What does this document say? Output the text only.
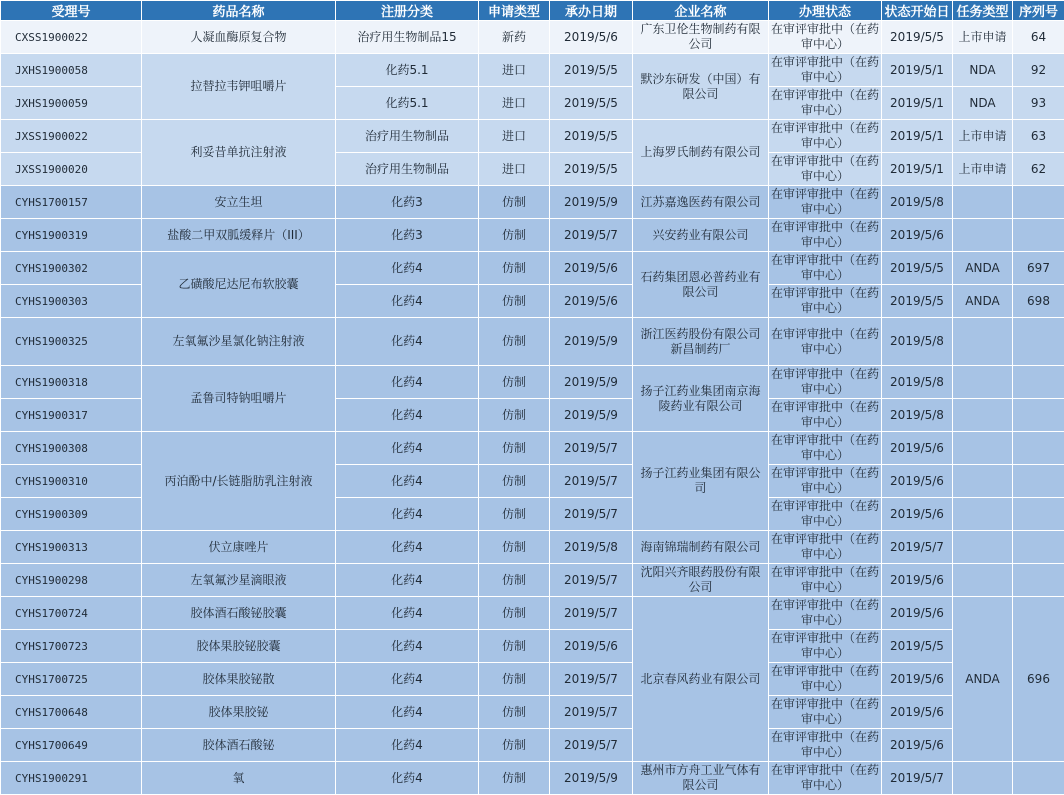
受理号	药品名称	注册分类	申请类型	承办日期	企业名称	办理状态	状态开始日	任务类型	序列号
CXSS1900022	人凝血酶原复合物	治疗用生物制品15	新药	2019/5/6	广东卫伦生物制药有限公司	在审评审批中（在药审中心）	2019/5/5	上市申请	64
JXHS1900058	拉替拉韦钾咀嚼片	化药5.1	进口	2019/5/5	默沙东研发（中国）有限公司	在审评审批中（在药审中心）	2019/5/1	NDA	92
JXHS1900059		化药5.1	进口	2019/5/5		在审评审批中（在药审中心）	2019/5/1	NDA	93
JXSS1900022	利妥昔单抗注射液	治疗用生物制品	进口	2019/5/5	上海罗氏制药有限公司	在审评审批中（在药审中心）	2019/5/1	上市申请	63
JXSS1900020		治疗用生物制品	进口	2019/5/5		在审评审批中（在药审中心）	2019/5/1	上市申请	62
CYHS1700157	安立生坦	化药3	仿制	2019/5/9	江苏嘉逸医药有限公司	在审评审批中（在药审中心）	2019/5/8		
CYHS1900319	盐酸二甲双胍缓释片（III）	化药3	仿制	2019/5/7	兴安药业有限公司	在审评审批中（在药审中心）	2019/5/6		
CYHS1900302	乙磺酸尼达尼布软胶囊	化药4	仿制	2019/5/6	石药集团恩必普药业有限公司	在审评审批中（在药审中心）	2019/5/5	ANDA	697
CYHS1900303		化药4	仿制	2019/5/6		在审评审批中（在药审中心）	2019/5/5	ANDA	698
CYHS1900325	左氧氟沙星氯化钠注射液	化药4	仿制	2019/5/9	浙江医药股份有限公司新昌制药厂	在审评审批中（在药审中心）	2019/5/8		
CYHS1900318	孟鲁司特钠咀嚼片	化药4	仿制	2019/5/9	扬子江药业集团南京海陵药业有限公司	在审评审批中（在药审中心）	2019/5/8		
CYHS1900317		化药4	仿制	2019/5/9		在审评审批中（在药审中心）	2019/5/8		
CYHS1900308	丙泊酚中/长链脂肪乳注射液	化药4	仿制	2019/5/7	扬子江药业集团有限公司	在审评审批中（在药审中心）	2019/5/6		
CYHS1900310		化药4	仿制	2019/5/7		在审评审批中（在药审中心）	2019/5/6		
CYHS1900309		化药4	仿制	2019/5/7		在审评审批中（在药审中心）	2019/5/6		
CYHS1900313	伏立康唑片	化药4	仿制	2019/5/8	海南锦瑞制药有限公司	在审评审批中（在药审中心）	2019/5/7		
CYHS1900298	左氧氟沙星滴眼液	化药4	仿制	2019/5/7	沈阳兴齐眼药股份有限公司	在审评审批中（在药审中心）	2019/5/6		
CYHS1700724	胶体酒石酸铋胶囊	化药4	仿制	2019/5/7	北京春风药业有限公司	在审评审批中（在药审中心）	2019/5/6	ANDA	696
CYHS1700723	胶体果胶铋胶囊	化药4	仿制	2019/5/6		在审评审批中（在药审中心）	2019/5/5		
CYHS1700725	胶体果胶铋散	化药4	仿制	2019/5/7		在审评审批中（在药审中心）	2019/5/6		
CYHS1700648	胶体果胶铋	化药4	仿制	2019/5/7		在审评审批中（在药审中心）	2019/5/6		
CYHS1700649	胶体酒石酸铋	化药4	仿制	2019/5/7		在审评审批中（在药审中心）	2019/5/6		
CYHS1900291	氧	化药4	仿制	2019/5/9	惠州市方舟工业气体有限公司	在审评审批中（在药审中心）	2019/5/7		
